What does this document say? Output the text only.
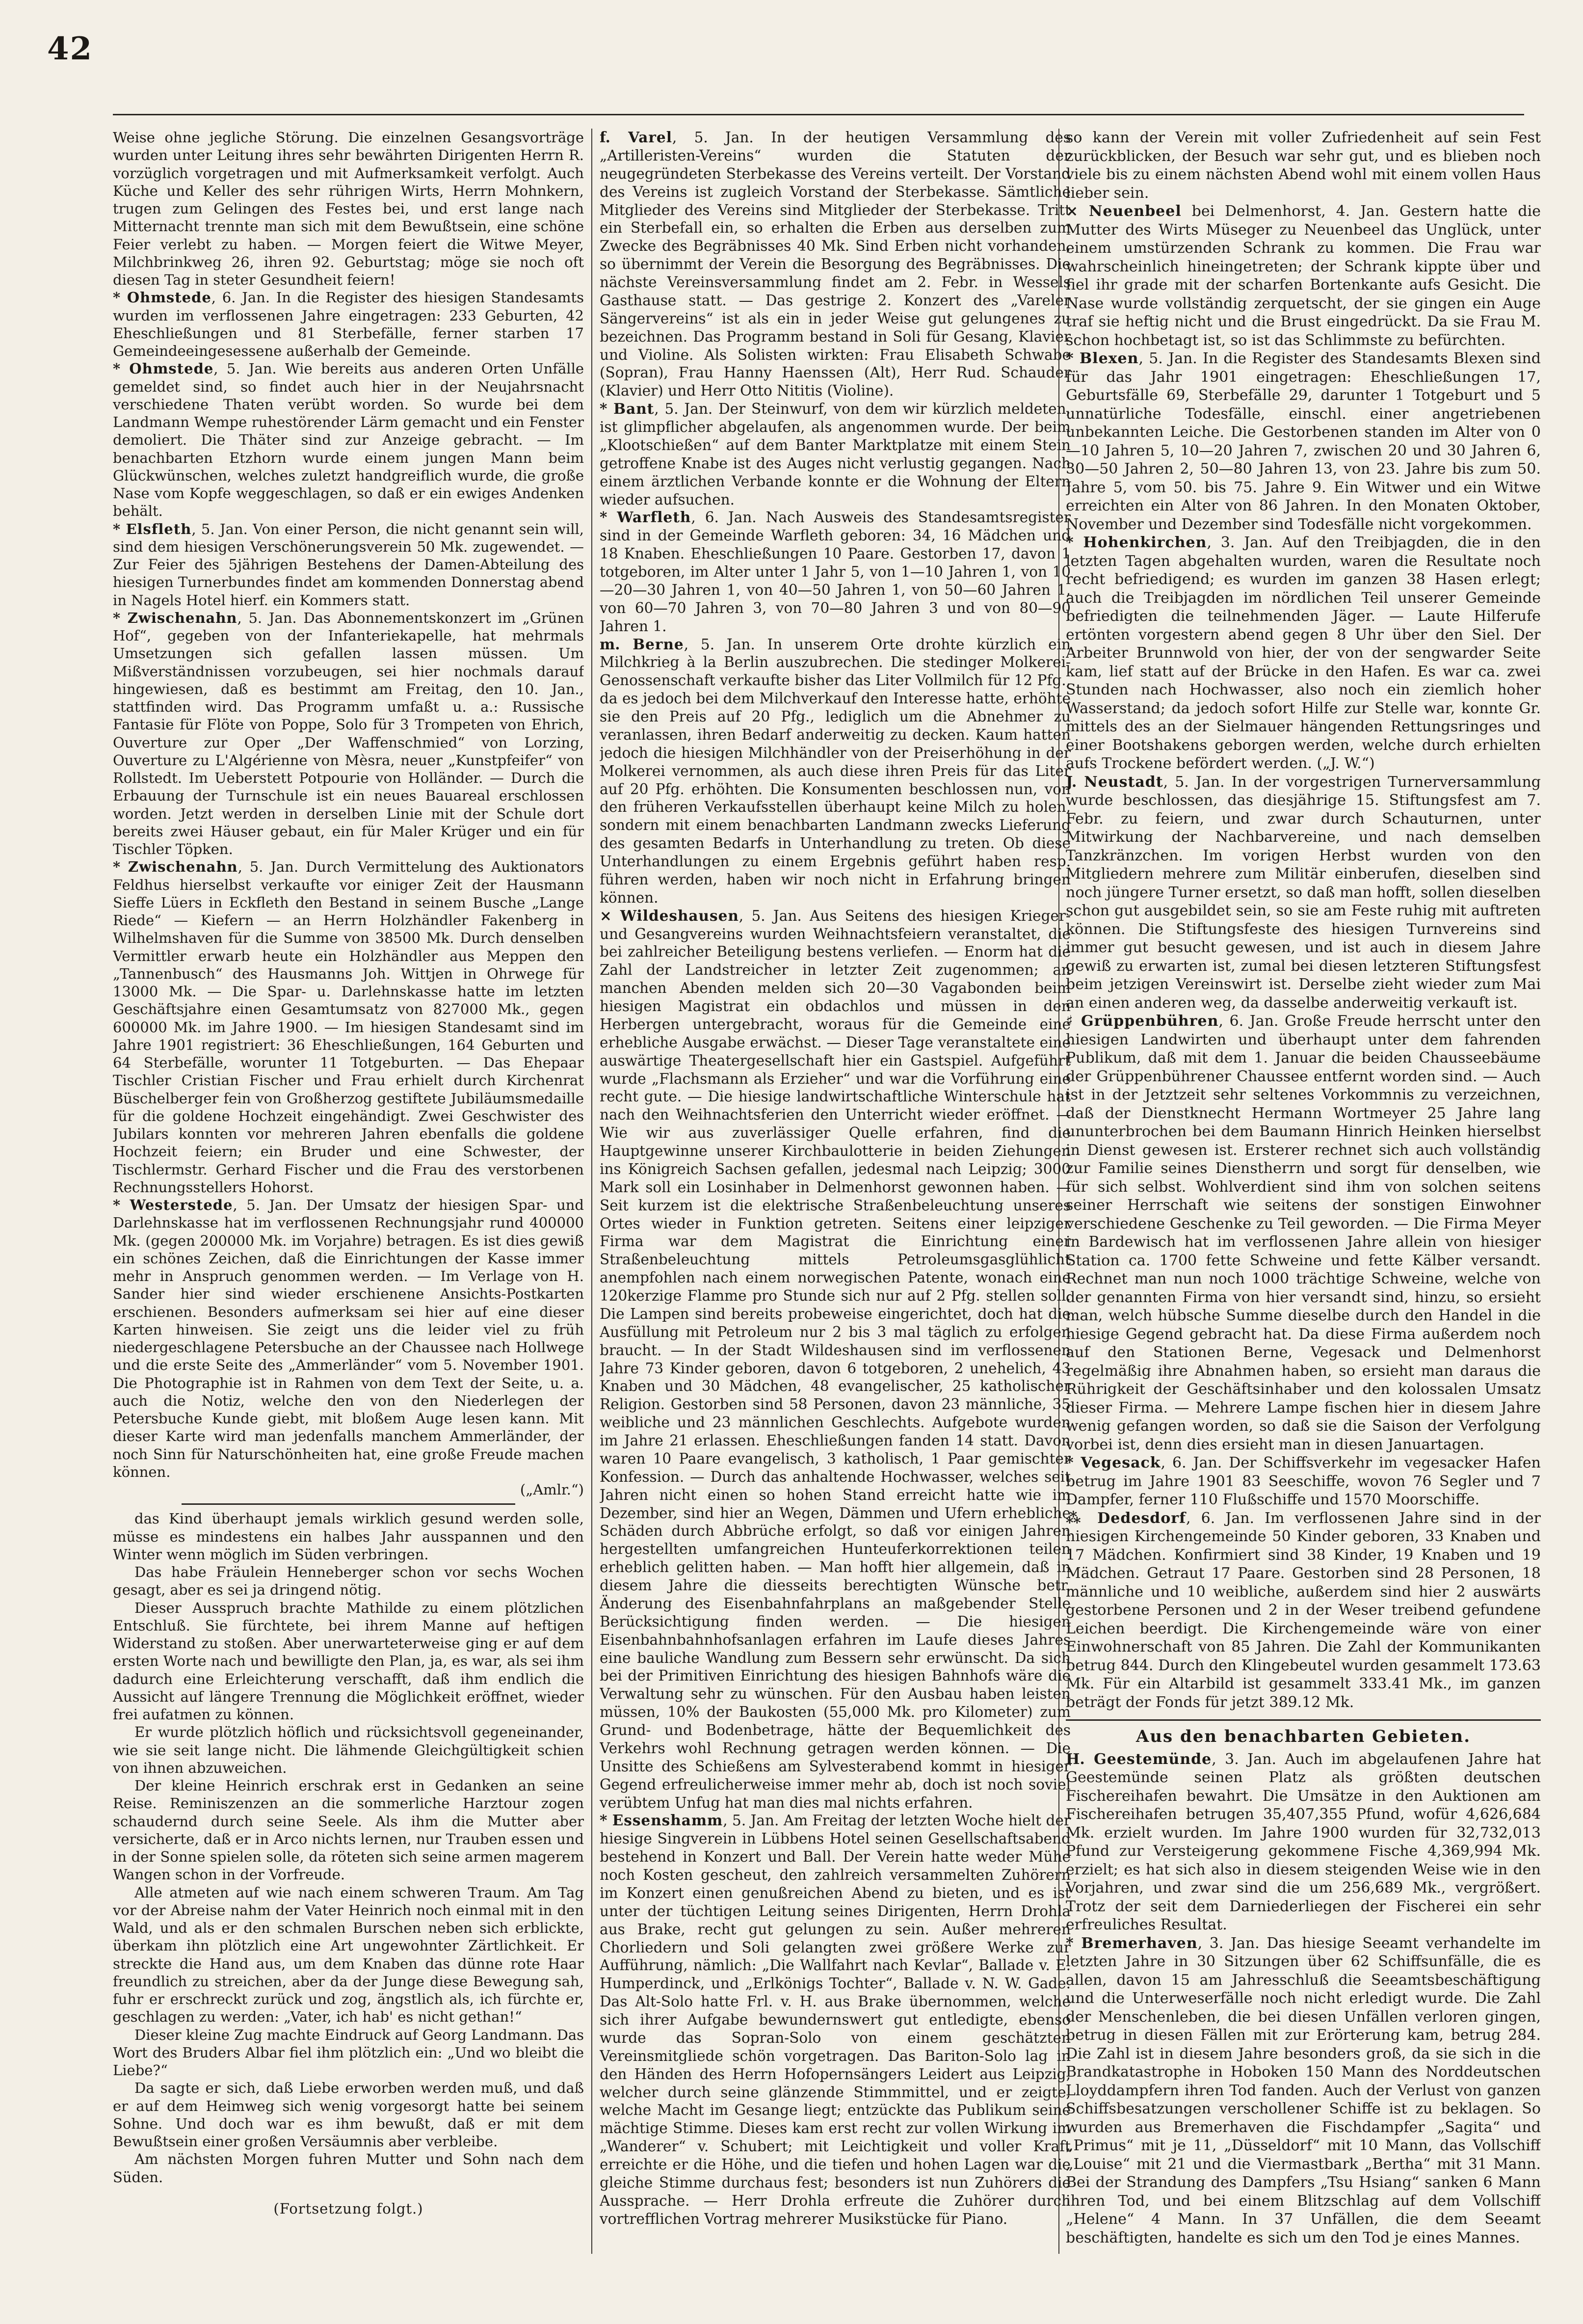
42

Weise ohne jegliche Störung. Die einzelnen Gesangsvorträge wurden unter Leitung ihres sehr bewährten Dirigenten Herrn R. vorzüglich vorgetragen und mit Aufmerksamkeit verfolgt. Auch Küche und Keller des sehr rührigen Wirts, Herrn Mohnkern, trugen zum Gelingen des Festes bei, und erst lange nach Mitternacht trennte man sich mit dem Bewußtsein, eine schöne Feier verlebt zu haben. — Morgen feiert die Witwe Meyer, Milchbrinkweg 26, ihren 92. Geburtstag; möge sie noch oft diesen Tag in steter Gesundheit feiern!

* Ohmstede, 6. Jan. In die Register des hiesigen Standesamts wurden im verflossenen Jahre eingetragen: 233 Geburten, 42 Eheschließungen und 81 Sterbefälle, ferner starben 17 Gemeindeeingesessene außerhalb der Gemeinde.

* Ohmstede, 5. Jan. Wie bereits aus anderen Orten Unfälle gemeldet sind, so findet auch hier in der Neujahrsnacht verschiedene Thaten verübt worden. So wurde bei dem Landmann Wempe ruhestörender Lärm gemacht und ein Fenster demoliert. Die Thäter sind zur Anzeige gebracht. — Im benachbarten Etzhorn wurde einem jungen Mann beim Glückwünschen, welches zuletzt handgreiflich wurde, die große Nase vom Kopfe weggeschlagen, so daß er ein ewiges Andenken behält.

* Elsfleth, 5. Jan. Von einer Person, die nicht genannt sein will, sind dem hiesigen Verschönerungsverein 50 Mk. zugewendet. — Zur Feier des 5jährigen Bestehens der Damen-Abteilung des hiesigen Turnerbundes findet am kommenden Donnerstag abend in Nagels Hotel hierf. ein Kommers statt.

* Zwischenahn, 5. Jan. Das Abonnementskonzert im „Grünen Hof“, gegeben von der Infanteriekapelle, hat mehrmals Umsetzungen sich gefallen lassen müssen. Um Mißverständnissen vorzubeugen, sei hier nochmals darauf hingewiesen, daß es bestimmt am Freitag, den 10. Jan., stattfinden wird. Das Programm umfaßt u. a.: Russische Fantasie für Flöte von Poppe, Solo für 3 Trompeten von Ehrich, Ouverture zur Oper „Der Waffenschmied“ von Lorzing, Ouverture zu L'Algérienne von Mèsra, neuer „Kunstpfeifer“ von Rollstedt. Im Ueberstett Potpourie von Holländer. — Durch die Erbauung der Turnschule ist ein neues Bauareal erschlossen worden. Jetzt werden in derselben Linie mit der Schule dort bereits zwei Häuser gebaut, ein für Maler Krüger und ein für Tischler Töpken.

* Zwischenahn, 5. Jan. Durch Vermittelung des Auktionators Feldhus hierselbst verkaufte vor einiger Zeit der Hausmann Sieffe Lüers in Eckfleth den Bestand in seinem Busche „Lange Riede“ — Kiefern — an Herrn Holzhändler Fakenberg in Wilhelmshaven für die Summe von 38500 Mk. Durch denselben Vermittler erwarb heute ein Holzhändler aus Meppen den „Tannenbusch“ des Hausmanns Joh. Wittjen in Ohrwege für 13000 Mk. — Die Spar- u. Darlehnskasse hatte im letzten Geschäftsjahre einen Gesamtumsatz von 827000 Mk., gegen 600000 Mk. im Jahre 1900. — Im hiesigen Standesamt sind im Jahre 1901 registriert: 36 Eheschließungen, 164 Geburten und 64 Sterbefälle, worunter 11 Totgeburten. — Das Ehepaar Tischler Cristian Fischer und Frau erhielt durch Kirchenrat Büschelberger fein von Großherzog gestiftete Jubiläumsmedaille für die goldene Hochzeit eingehändigt. Zwei Geschwister des Jubilars konnten vor mehreren Jahren ebenfalls die goldene Hochzeit feiern; ein Bruder und eine Schwester, der Tischlermstr. Gerhard Fischer und die Frau des verstorbenen Rechnungsstellers Hohorst.

* Westerstede, 5. Jan. Der Umsatz der hiesigen Spar- und Darlehnskasse hat im verflossenen Rechnungsjahr rund 400000 Mk. (gegen 200000 Mk. im Vorjahre) betragen. Es ist dies gewiß ein schönes Zeichen, daß die Einrichtungen der Kasse immer mehr in Anspruch genommen werden. — Im Verlage von H. Sander hier sind wieder erschienene Ansichts-Postkarten erschienen. Besonders aufmerksam sei hier auf eine dieser Karten hinweisen. Sie zeigt uns die leider viel zu früh niedergeschlagene Petersbuche an der Chaussee nach Hollwege und die erste Seite des „Ammerländer“ vom 5. November 1901. Die Photographie ist in Rahmen von dem Text der Seite, u. a. auch die Notiz, welche den von den Niederlegen der Petersbuche Kunde giebt, mit bloßem Auge lesen kann. Mit dieser Karte wird man jedenfalls manchem Ammerländer, der noch Sinn für Naturschönheiten hat, eine große Freude machen können.

(„Amlr.“)

das Kind überhaupt jemals wirklich gesund werden solle, müsse es mindestens ein halbes Jahr ausspannen und den Winter wenn möglich im Süden verbringen.

Das habe Fräulein Henneberger schon vor sechs Wochen gesagt, aber es sei ja dringend nötig.

Dieser Ausspruch brachte Mathilde zu einem plötzlichen Entschluß. Sie fürchtete, bei ihrem Manne auf heftigen Widerstand zu stoßen. Aber unerwarteterweise ging er auf dem ersten Worte nach und bewilligte den Plan, ja, es war, als sei ihm dadurch eine Erleichterung verschafft, daß ihm endlich die Aussicht auf längere Trennung die Möglichkeit eröffnet, wieder frei aufatmen zu können.

Er wurde plötzlich höflich und rücksichtsvoll gegeneinander, wie sie seit lange nicht. Die lähmende Gleichgültigkeit schien von ihnen abzuweichen.

Der kleine Heinrich erschrak erst in Gedanken an seine Reise. Reminiszenzen an die sommerliche Harztour zogen schaudernd durch seine Seele. Als ihm die Mutter aber versicherte, daß er in Arco nichts lernen, nur Trauben essen und in der Sonne spielen solle, da röteten sich seine armen magerem Wangen schon in der Vorfreude.

Alle atmeten auf wie nach einem schweren Traum. Am Tag vor der Abreise nahm der Vater Heinrich noch einmal mit in den Wald, und als er den schmalen Burschen neben sich erblickte, überkam ihn plötzlich eine Art ungewohnter Zärtlichkeit. Er streckte die Hand aus, um dem Knaben das dünne rote Haar freundlich zu streichen, aber da der Junge diese Bewegung sah, fuhr er erschreckt zurück und zog, ängstlich als, ich fürchte er, geschlagen zu werden: „Vater, ich hab' es nicht gethan!“

Dieser kleine Zug machte Eindruck auf Georg Landmann. Das Wort des Bruders Albar fiel ihm plötzlich ein: „Und wo bleibt die Liebe?“

Da sagte er sich, daß Liebe erworben werden muß, und daß er auf dem Heimweg sich wenig vorgesorgt hatte bei seinem Sohne. Und doch war es ihm bewußt, daß er mit dem Bewußtsein einer großen Versäumnis aber verbleibe.

Am nächsten Morgen fuhren Mutter und Sohn nach dem Süden.

(Fortsetzung folgt.)

f. Varel, 5. Jan. In der heutigen Versammlung des „Artilleristen-Vereins“ wurden die Statuten der neugegründeten Sterbekasse des Vereins verteilt. Der Vorstand des Vereins ist zugleich Vorstand der Sterbekasse. Sämtliche Mitglieder des Vereins sind Mitglieder der Sterbekasse. Tritt ein Sterbefall ein, so erhalten die Erben aus derselben zum Zwecke des Begräbnisses 40 Mk. Sind Erben nicht vorhanden, so übernimmt der Verein die Besorgung des Begräbnisses. Die nächste Vereinsversammlung findet am 2. Febr. in Wessels Gasthause statt. — Das gestrige 2. Konzert des „Vareler Sängervereins“ ist als ein in jeder Weise gut gelungenes zu bezeichnen. Das Programm bestand in Soli für Gesang, Klavier und Violine. Als Solisten wirkten: Frau Elisabeth Schwabe (Sopran), Frau Hanny Haenssen (Alt), Herr Rud. Schauder (Klavier) und Herr Otto Nititis (Violine).

* Bant, 5. Jan. Der Steinwurf, von dem wir kürzlich meldeten, ist glimpflicher abgelaufen, als angenommen wurde. Der beim „Klootschießen“ auf dem Banter Marktplatze mit einem Stein getroffene Knabe ist des Auges nicht verlustig gegangen. Nach einem ärztlichen Verbande konnte er die Wohnung der Eltern wieder aufsuchen.

* Warfleth, 6. Jan. Nach Ausweis des Standesamtsregister sind in der Gemeinde Warfleth geboren: 34, 16 Mädchen und 18 Knaben. Eheschließungen 10 Paare. Gestorben 17, davon 1 totgeboren, im Alter unter 1 Jahr 5, von 1—10 Jahren 1, von 10—20—30 Jahren 1, von 40—50 Jahren 1, von 50—60 Jahren 1, von 60—70 Jahren 3, von 70—80 Jahren 3 und von 80—90 Jahren 1.

m. Berne, 5. Jan. In unserem Orte drohte kürzlich ein Milchkrieg à la Berlin auszubrechen. Die stedinger Molkerei-Genossenschaft verkaufte bisher das Liter Vollmilch für 12 Pfg., da es jedoch bei dem Milchverkauf den Interesse hatte, erhöhte sie den Preis auf 20 Pfg., lediglich um die Abnehmer zu veranlassen, ihren Bedarf anderweitig zu decken. Kaum hatten jedoch die hiesigen Milchhändler von der Preiserhöhung in der Molkerei vernommen, als auch diese ihren Preis für das Liter auf 20 Pfg. erhöhten. Die Konsumenten beschlossen nun, von den früheren Verkaufsstellen überhaupt keine Milch zu holen, sondern mit einem benachbarten Landmann zwecks Lieferung des gesamten Bedarfs in Unterhandlung zu treten. Ob diese Unterhandlungen zu einem Ergebnis geführt haben resp. führen werden, haben wir noch nicht in Erfahrung bringen können.

× Wildeshausen, 5. Jan. Aus Seitens des hiesigen Krieger- und Gesangvereins wurden Weihnachtsfeiern veranstaltet, die bei zahlreicher Beteiligung bestens verliefen. — Enorm hat die Zahl der Landstreicher in letzter Zeit zugenommen; an manchen Abenden melden sich 20—30 Vagabonden beim hiesigen Magistrat ein obdachlos und müssen in den Herbergen untergebracht, woraus für die Gemeinde eine erhebliche Ausgabe erwächst. — Dieser Tage veranstaltete eine auswärtige Theatergesellschaft hier ein Gastspiel. Aufgeführt wurde „Flachsmann als Erzieher“ und war die Vorführung eine recht gute. — Die hiesige landwirtschaftliche Winterschule hat nach den Weihnachtsferien den Unterricht wieder eröffnet. — Wie wir aus zuverlässiger Quelle erfahren, find die Hauptgewinne unserer Kirchbaulotterie in beiden Ziehungen ins Königreich Sachsen gefallen, jedesmal nach Leipzig; 3000 Mark soll ein Losinhaber in Delmenhorst gewonnen haben. — Seit kurzem ist die elektrische Straßenbeleuchtung unseres Ortes wieder in Funktion getreten. Seitens einer leipziger Firma war dem Magistrat die Einrichtung einer Straßenbeleuchtung mittels Petroleumsgasglühlicht anempfohlen nach einem norwegischen Patente, wonach eine 120kerzige Flamme pro Stunde sich nur auf 2 Pfg. stellen soll. Die Lampen sind bereits probeweise eingerichtet, doch hat die Ausfüllung mit Petroleum nur 2 bis 3 mal täglich zu erfolgen braucht. — In der Stadt Wildeshausen sind im verflossenen Jahre 73 Kinder geboren, davon 6 totgeboren, 2 unehelich, 43 Knaben und 30 Mädchen, 48 evangelischer, 25 katholischer Religion. Gestorben sind 58 Personen, davon 23 männliche, 35 weibliche und 23 männlichen Geschlechts. Aufgebote wurden im Jahre 21 erlassen. Eheschließungen fanden 14 statt. Davon waren 10 Paare evangelisch, 3 katholisch, 1 Paar gemischter Konfession. — Durch das anhaltende Hochwasser, welches seit Jahren nicht einen so hohen Stand erreicht hatte wie im Dezember, sind hier an Wegen, Dämmen und Ufern erhebliche Schäden durch Abbrüche erfolgt, so daß vor einigen Jahren hergestellten umfangreichen Hunteuferkorrektionen teilen erheblich gelitten haben. — Man hofft hier allgemein, daß in diesem Jahre die diesseits berechtigten Wünsche betr. Änderung des Eisenbahnfahrplans an maßgebender Stelle Berücksichtigung finden werden. — Die hiesigen Eisenbahnbahnhofsanlagen erfahren im Laufe dieses Jahres eine bauliche Wandlung zum Bessern sehr erwünscht. Da sich bei der Primitiven Einrichtung des hiesigen Bahnhofs wäre die Verwaltung sehr zu wünschen. Für den Ausbau haben leisten müssen, 10% der Baukosten (55,000 Mk. pro Kilometer) zum Grund- und Bodenbetrage, hätte der Bequemlichkeit des Verkehrs wohl Rechnung getragen werden können. — Die Unsitte des Schießens am Sylvesterabend kommt in hiesiger Gegend erfreulicherweise immer mehr ab, doch ist noch soviel verübtem Unfug hat man dies mal nichts erfahren.

* Essenshamm, 5. Jan. Am Freitag der letzten Woche hielt der hiesige Singverein in Lübbens Hotel seinen Gesellschaftsabend bestehend in Konzert und Ball. Der Verein hatte weder Mühe noch Kosten gescheut, den zahlreich versammelten Zuhörern im Konzert einen genußreichen Abend zu bieten, und es ist unter der tüchtigen Leitung seines Dirigenten, Herrn Drohla aus Brake, recht gut gelungen zu sein. Außer mehreren Chorliedern und Soli gelangten zwei größere Werke zur Aufführung, nämlich: „Die Wallfahrt nach Kevlar“, Ballade v. E. Humperdinck, und „Erlkönigs Tochter“, Ballade v. N. W. Gade. Das Alt-Solo hatte Frl. v. H. aus Brake übernommen, welche sich ihrer Aufgabe bewundernswert gut entledigte, ebenso wurde das Sopran-Solo von einem geschätzten Vereinsmitgliede schön vorgetragen. Das Bariton-Solo lag in den Händen des Herrn Hofopernsängers Leidert aus Leipzig, welcher durch seine glänzende Stimmmittel, und er zeigte, welche Macht im Gesange liegt; entzückte das Publikum seine mächtige Stimme. Dieses kam erst recht zur vollen Wirkung im „Wanderer“ v. Schubert; mit Leichtigkeit und voller Kraft erreichte er die Höhe, und die tiefen und hohen Lagen war die gleiche Stimme durchaus fest; besonders ist nun Zuhörers die Aussprache. — Herr Drohla erfreute die Zuhörer durch vortrefflichen Vortrag mehrerer Musikstücke für Piano.

so kann der Verein mit voller Zufriedenheit auf sein Fest zurückblicken, der Besuch war sehr gut, und es blieben noch viele bis zu einem nächsten Abend wohl mit einem vollen Haus lieber sein.

× Neuenbeel bei Delmenhorst, 4. Jan. Gestern hatte die Mutter des Wirts Müseger zu Neuenbeel das Unglück, unter einem umstürzenden Schrank zu kommen. Die Frau war wahrscheinlich hineingetreten; der Schrank kippte über und fiel ihr grade mit der scharfen Bortenkante aufs Gesicht. Die Nase wurde vollständig zerquetscht, der sie gingen ein Auge traf sie heftig nicht und die Brust eingedrückt. Da sie Frau M. schon hochbetagt ist, so ist das Schlimmste zu befürchten.

* Blexen, 5. Jan. In die Register des Standesamts Blexen sind für das Jahr 1901 eingetragen: Eheschließungen 17, Geburtsfälle 69, Sterbefälle 29, darunter 1 Totgeburt und 5 unnatürliche Todesfälle, einschl. einer angetriebenen unbekannten Leiche. Die Gestorbenen standen im Alter von 0—10 Jahren 5, 10—20 Jahren 7, zwischen 20 und 30 Jahren 6, 30—50 Jahren 2, 50—80 Jahren 13, von 23. Jahre bis zum 50. Jahre 5, vom 50. bis 75. Jahre 9. Ein Witwer und ein Witwe erreichten ein Alter von 86 Jahren. In den Monaten Oktober, November und Dezember sind Todesfälle nicht vorgekommen.

* Hohenkirchen, 3. Jan. Auf den Treibjagden, die in den letzten Tagen abgehalten wurden, waren die Resultate noch recht befriedigend; es wurden im ganzen 38 Hasen erlegt; auch die Treibjagden im nördlichen Teil unserer Gemeinde befriedigten die teilnehmenden Jäger. — Laute Hilferufe ertönten vorgestern abend gegen 8 Uhr über den Siel. Der Arbeiter Brunnwold von hier, der von der sengwarder Seite kam, lief statt auf der Brücke in den Hafen. Es war ca. zwei Stunden nach Hochwasser, also noch ein ziemlich hoher Wasserstand; da jedoch sofort Hilfe zur Stelle war, konnte Gr. mittels des an der Sielmauer hängenden Rettungsringes und einer Bootshakens geborgen werden, welche durch erhielten aufs Trockene befördert werden. („J. W.“)

J. Neustadt, 5. Jan. In der vorgestrigen Turnerversammlung wurde beschlossen, das diesjährige 15. Stiftungsfest am 7. Febr. zu feiern, und zwar durch Schauturnen, unter Mitwirkung der Nachbarvereine, und nach demselben Tanzkränzchen. Im vorigen Herbst wurden von den Mitgliedern mehrere zum Militär einberufen, dieselben sind noch jüngere Turner ersetzt, so daß man hofft, sollen dieselben schon gut ausgebildet sein, so sie am Feste ruhig mit auftreten können. Die Stiftungsfeste des hiesigen Turnvereins sind immer gut besucht gewesen, und ist auch in diesem Jahre gewiß zu erwarten ist, zumal bei diesen letzteren Stiftungsfest beim jetzigen Vereinswirt ist. Derselbe zieht wieder zum Mai an einen anderen weg, da dasselbe anderweitig verkauft ist.

♯ Grüppenbühren, 6. Jan. Große Freude herrscht unter den hiesigen Landwirten und überhaupt unter dem fahrenden Publikum, daß mit dem 1. Januar die beiden Chausseebäume der Grüppenbührener Chaussee entfernt worden sind. — Auch ist in der Jetztzeit sehr seltenes Vorkommnis zu verzeichnen, daß der Dienstknecht Hermann Wortmeyer 25 Jahre lang ununterbrochen bei dem Baumann Hinrich Heinken hierselbst in Dienst gewesen ist. Ersterer rechnet sich auch vollständig zur Familie seines Dienstherrn und sorgt für denselben, wie für sich selbst. Wohlverdient sind ihm von solchen seitens seiner Herrschaft wie seitens der sonstigen Einwohner verschiedene Geschenke zu Teil geworden. — Die Firma Meyer in Bardewisch hat im verflossenen Jahre allein von hiesiger Station ca. 1700 fette Schweine und fette Kälber versandt. Rechnet man nun noch 1000 trächtige Schweine, welche von der genannten Firma von hier versandt sind, hinzu, so ersieht man, welch hübsche Summe dieselbe durch den Handel in die hiesige Gegend gebracht hat. Da diese Firma außerdem noch auf den Stationen Berne, Vegesack und Delmenhorst regelmäßig ihre Abnahmen haben, so ersieht man daraus die Rührigkeit der Geschäftsinhaber und den kolossalen Umsatz dieser Firma. — Mehrere Lampe fischen hier in diesem Jahre wenig gefangen worden, so daß sie die Saison der Verfolgung vorbei ist, denn dies ersieht man in diesen Januartagen.

* Vegesack, 6. Jan. Der Schiffsverkehr im vegesacker Hafen betrug im Jahre 1901 83 Seeschiffe, wovon 76 Segler und 7 Dampfer, ferner 110 Flußschiffe und 1570 Moorschiffe.

⁂ Dedesdorf, 6. Jan. Im verflossenen Jahre sind in der hiesigen Kirchengemeinde 50 Kinder geboren, 33 Knaben und 17 Mädchen. Konfirmiert sind 38 Kinder, 19 Knaben und 19 Mädchen. Getraut 17 Paare. Gestorben sind 28 Personen, 18 männliche und 10 weibliche, außerdem sind hier 2 auswärts gestorbene Personen und 2 in der Weser treibend gefundene Leichen beerdigt. Die Kirchengemeinde wäre von einer Einwohnerschaft von 85 Jahren. Die Zahl der Kommunikanten betrug 844. Durch den Klingebeutel wurden gesammelt 173.63 Mk. Für ein Altarbild ist gesammelt 333.41 Mk., im ganzen beträgt der Fonds für jetzt 389.12 Mk.

Aus den benachbarten Gebieten.

H. Geestemünde, 3. Jan. Auch im abgelaufenen Jahre hat Geestemünde seinen Platz als größten deutschen Fischereihafen bewahrt. Die Umsätze in den Auktionen am Fischereihafen betrugen 35,407,355 Pfund, wofür 4,626,684 Mk. erzielt wurden. Im Jahre 1900 wurden für 32,732,013 Pfund zur Versteigerung gekommene Fische 4,369,994 Mk. erzielt; es hat sich also in diesem steigenden Weise wie in den Vorjahren, und zwar sind die um 256,689 Mk., vergrößert. Trotz der seit dem Darniederliegen der Fischerei ein sehr erfreuliches Resultat.

* Bremerhaven, 3. Jan. Das hiesige Seeamt verhandelte im letzten Jahre in 30 Sitzungen über 62 Schiffsunfälle, die es allen, davon 15 am Jahresschluß die Seeamtsbeschäftigung und die Unterweserfälle noch nicht erledigt wurde. Die Zahl der Menschenleben, die bei diesen Unfällen verloren gingen, betrug in diesen Fällen mit zur Erörterung kam, betrug 284. Die Zahl ist in diesem Jahre besonders groß, da sie sich in die Brandkatastrophe in Hoboken 150 Mann des Norddeutschen Lloyddampfern ihren Tod fanden. Auch der Verlust von ganzen Schiffsbesatzungen verschollener Schiffe ist zu beklagen. So wurden aus Bremerhaven die Fischdampfer „Sagita“ und „Primus“ mit je 11, „Düsseldorf“ mit 10 Mann, das Vollschiff „Louise“ mit 21 und die Viermastbark „Bertha“ mit 31 Mann. Bei der Strandung des Dampfers „Tsu Hsiang“ sanken 6 Mann ihren Tod, und bei einem Blitzschlag auf dem Vollschiff „Helene“ 4 Mann. In 37 Unfällen, die dem Seeamt beschäftigten, handelte es sich um den Tod je eines Mannes.
